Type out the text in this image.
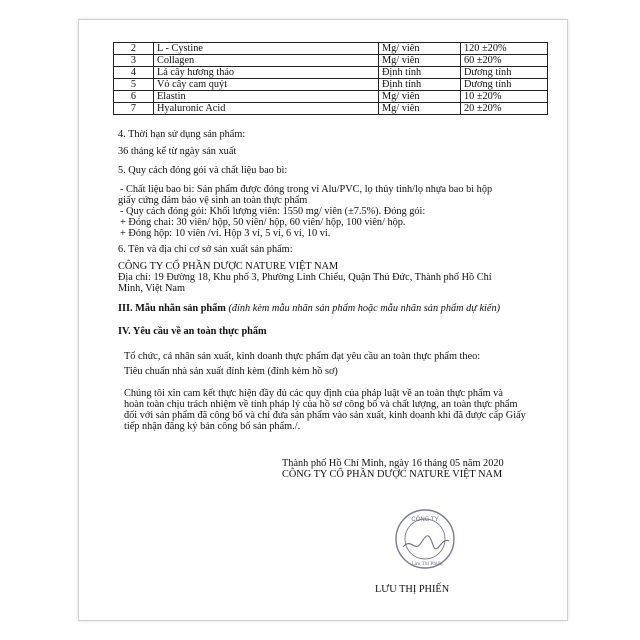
2	L - Cystine	Mg/ viên	120 ±20%
3	Collagen	Mg/ viên	60 ±20%
4	Lá cây hương thảo	Định tính	Dương tính
5	Vỏ cây cam quýt	Định tính	Dương tính
6	Elastin	Mg/ viên	10 ±20%
7	Hyaluronic Acid	Mg/ viên	20 ±20%
4. Thời hạn sử dụng sản phẩm:
36 tháng kể từ ngày sản xuất
5. Quy cách đóng gói và chất liệu bao bì:
- Chất liệu bao bì: Sản phẩm được đóng trong vỉ Alu/PVC, lọ thủy tinh/lọ nhựa bao bì hộp
giấy cứng đảm bảo vệ sinh an toàn thực phẩm
- Quy cách đóng gói: Khối lượng viên: 1550 mg/ viên (±7.5%). Đóng gói:
+ Đóng chai: 30 viên/ hộp, 50 viên/ hộp, 60 viên/ hộp, 100 viên/ hộp.
+ Đóng hộp: 10 viên /vỉ. Hộp 3 vỉ, 5 vỉ, 6 vỉ, 10 vỉ.
6. Tên và địa chỉ cơ sở sản xuất sản phẩm:
CÔNG TY CỔ PHẦN DƯỢC NATURE VIỆT NAM
Địa chỉ: 19 Đường 18, Khu phố 3, Phường Linh Chiểu, Quận Thủ Đức, Thành phố Hồ Chí
Minh, Việt Nam
III. Mẫu nhãn sản phẩm (đính kèm mẫu nhãn sản phẩm hoặc mẫu nhãn sản phẩm dự kiến)
IV. Yêu cầu về an toàn thực phẩm
Tổ chức, cá nhân sản xuất, kinh doanh thực phẩm đạt yêu cầu an toàn thực phẩm theo:
Tiêu chuẩn nhà sản xuất đính kèm (đính kèm hồ sơ)
Chúng tôi xin cam kết thực hiện đầy đủ các quy định của pháp luật về an toàn thực phẩm và
hoàn toàn chịu trách nhiệm về tính pháp lý của hồ sơ công bố và chất lượng, an toàn thực phẩm
đối với sản phẩm đã công bố và chỉ đưa sản phẩm vào sản xuất, kinh doanh khi đã được cấp Giấy
tiếp nhận đăng ký bản công bố sản phẩm./.
Thành phố Hồ Chí Minh, ngày 16 tháng 05 năm 2020
CÔNG TY CỔ PHẦN DƯỢC NATURE VIỆT NAM
CÔNG TY
Lưu Thị Phiến
LƯU THỊ PHIẾN
